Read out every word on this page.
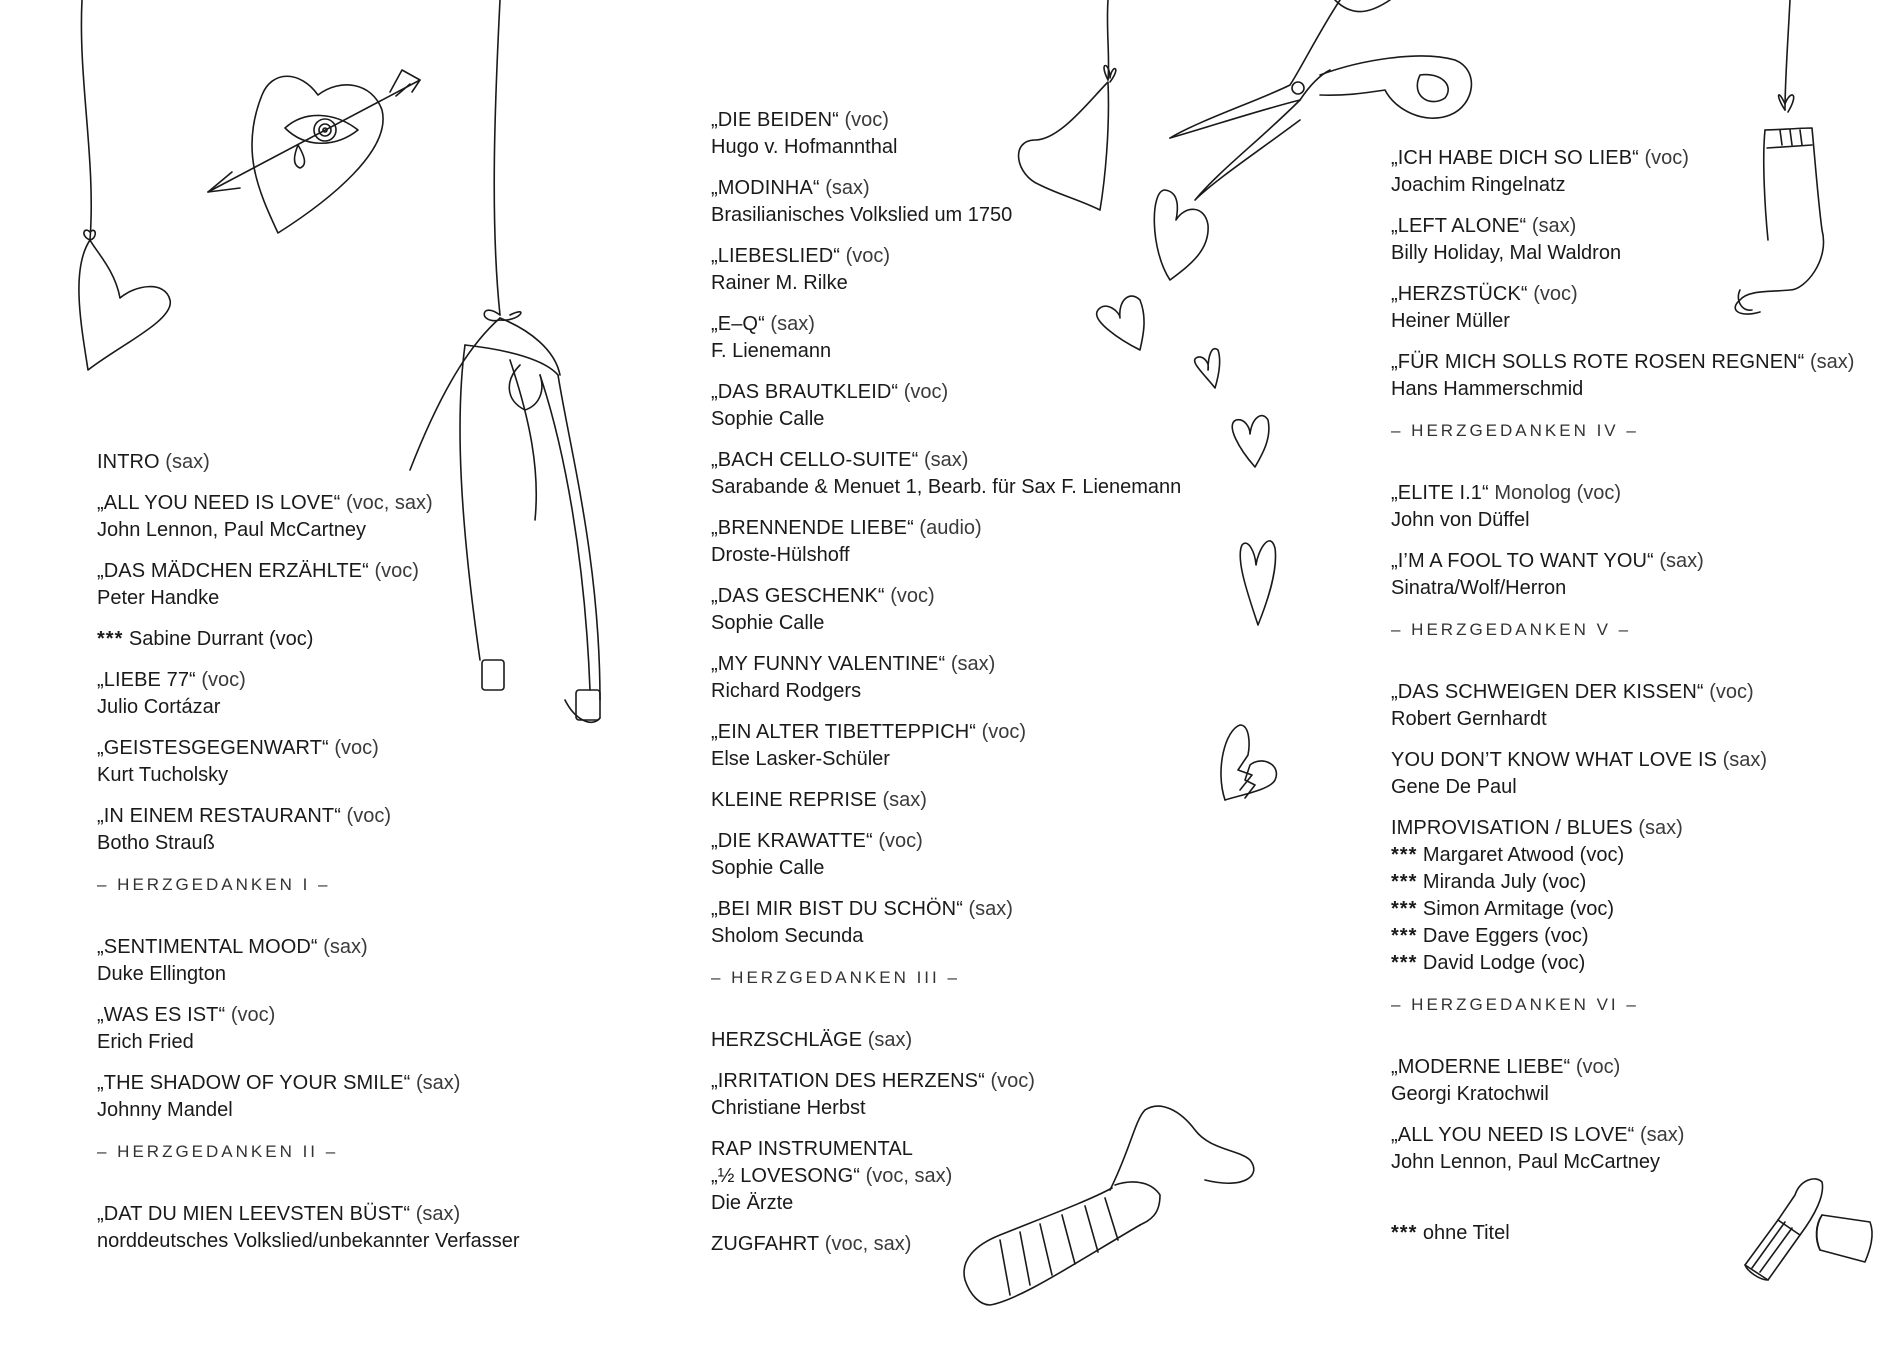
INTRO (sax)
„ALL YOU NEED IS LOVE“ (voc, sax)
John Lennon, Paul McCartney
„DAS MÄDCHEN ERZÄHLTE“ (voc)
Peter Handke
*** Sabine Durrant (voc)
„LIEBE 77“ (voc)
Julio Cortázar
„GEISTESGEGENWART“ (voc)
Kurt Tucholsky
„IN EINEM RESTAURANT“ (voc)
Botho Strauß
– HERZGEDANKEN I –
„SENTIMENTAL MOOD“ (sax)
Duke Ellington
„WAS ES IST“ (voc)
Erich Fried
„THE SHADOW OF YOUR SMILE“ (sax)
Johnny Mandel
– HERZGEDANKEN II –
„DAT DU MIEN LEEVSTEN BÜST“ (sax)
norddeutsches Volkslied/unbekannter Verfasser
„DIE BEIDEN“ (voc)
Hugo v. Hofmannthal
„MODINHA“ (sax)
Brasilianisches Volkslied um 1750
„LIEBESLIED“ (voc)
Rainer M. Rilke
„E–Q“ (sax)
F. Lienemann
„DAS BRAUTKLEID“ (voc)
Sophie Calle
„BACH CELLO-SUITE“ (sax)
Sarabande & Menuet 1, Bearb. für Sax F. Lienemann
„BRENNENDE LIEBE“ (audio)
Droste-Hülshoff
„DAS GESCHENK“ (voc)
Sophie Calle
„MY FUNNY VALENTINE“ (sax)
Richard Rodgers
„EIN ALTER TIBETTEPPICH“ (voc)
Else Lasker-Schüler
KLEINE REPRISE (sax)
„DIE KRAWATTE“ (voc)
Sophie Calle
„BEI MIR BIST DU SCHÖN“ (sax)
Sholom Secunda
– HERZGEDANKEN III –
HERZSCHLÄGE (sax)
„IRRITATION DES HERZENS“ (voc)
Christiane Herbst
RAP INSTRUMENTAL
„½ LOVESONG“ (voc, sax)
Die Ärzte
ZUGFAHRT (voc, sax)
„ICH HABE DICH SO LIEB“ (voc)
Joachim Ringelnatz
„LEFT ALONE“ (sax)
Billy Holiday, Mal Waldron
„HERZSTÜCK“ (voc)
Heiner Müller
„FÜR MICH SOLLS ROTE ROSEN REGNEN“ (sax)
Hans Hammerschmid
– HERZGEDANKEN IV –
„ELITE I.1“ Monolog (voc)
John von Düffel
„I’M A FOOL TO WANT YOU“ (sax)
Sinatra/Wolf/Herron
– HERZGEDANKEN V –
„DAS SCHWEIGEN DER KISSEN“ (voc)
Robert Gernhardt
YOU DON’T KNOW WHAT LOVE IS (sax)
Gene De Paul
IMPROVISATION / BLUES (sax)
*** Margaret Atwood (voc)
*** Miranda July (voc)
*** Simon Armitage (voc)
*** Dave Eggers (voc)
*** David Lodge (voc)
– HERZGEDANKEN VI –
„MODERNE LIEBE“ (voc)
Georgi Kratochwil
„ALL YOU NEED IS LOVE“ (sax)
John Lennon, Paul McCartney
*** ohne Titel
